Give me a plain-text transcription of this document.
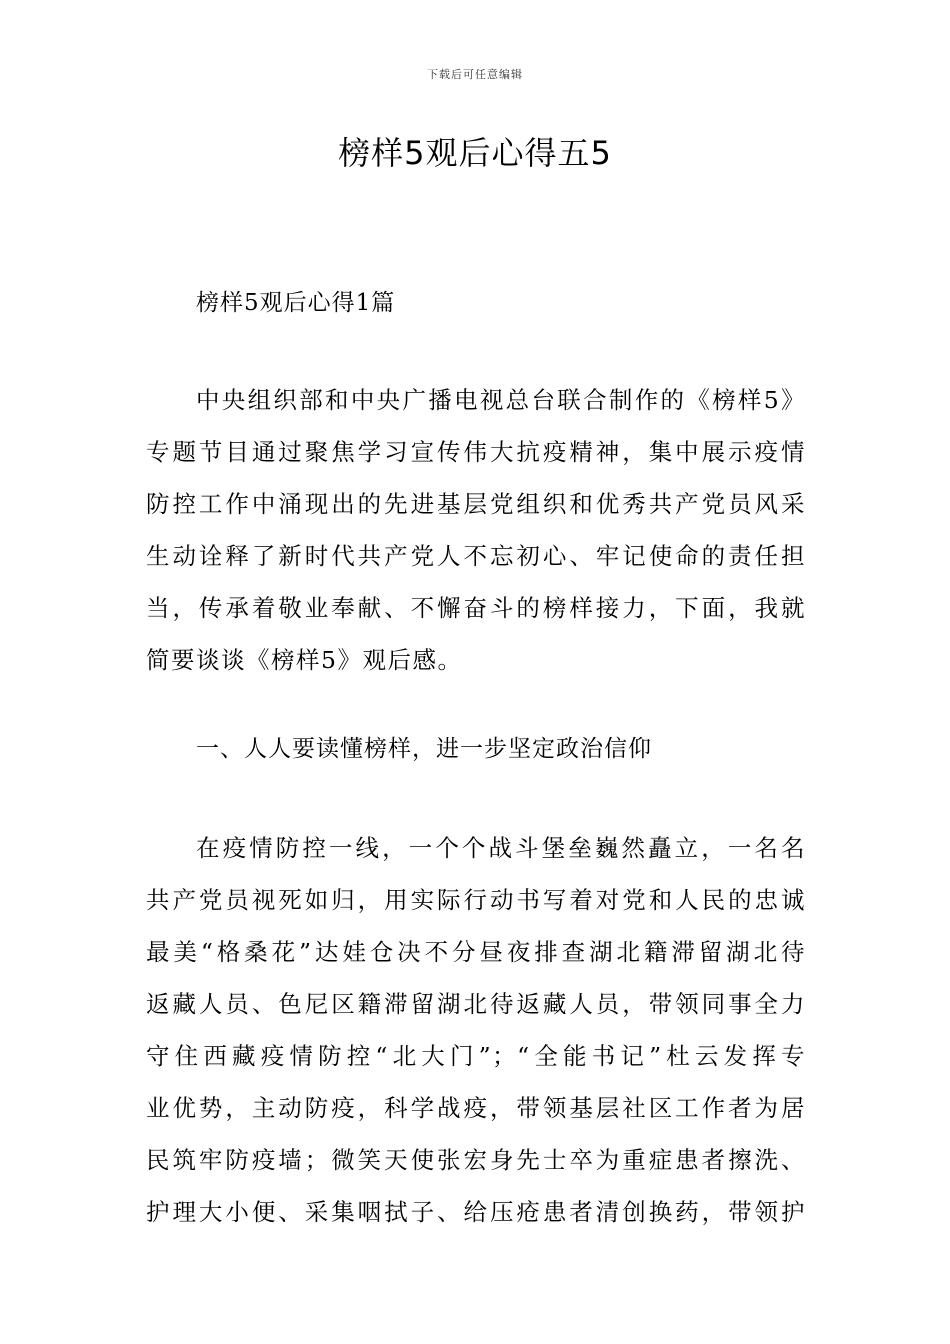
下载后可任意编辑
榜样5观后心得五5
榜样5观后心得1篇
中央组织部和中央广播电视总台联合制作的《榜样5》
专题节目通过聚焦学习宣传伟大抗疫精神，集中展示疫情
防控工作中涌现出的先进基层党组织和优秀共产党员风采
生动诠释了新时代共产党人不忘初心、牢记使命的责任担
当，传承着敬业奉献、不懈奋斗的榜样接力，下面，我就
简要谈谈《榜样5》观后感。
一、人人要读懂榜样，进一步坚定政治信仰
在疫情防控一线，一个个战斗堡垒巍然矗立，一名名
共产党员视死如归，用实际行动书写着对党和人民的忠诚
最美“格桑花”达娃仓决不分昼夜排查湖北籍滞留湖北待
返藏人员、色尼区籍滞留湖北待返藏人员，带领同事全力
守住西藏疫情防控“北大门”；“全能书记”杜云发挥专
业优势，主动防疫，科学战疫，带领基层社区工作者为居
民筑牢防疫墙；微笑天使张宏身先士卒为重症患者擦洗、
护理大小便、采集咽拭子、给压疮患者清创换药，带领护
